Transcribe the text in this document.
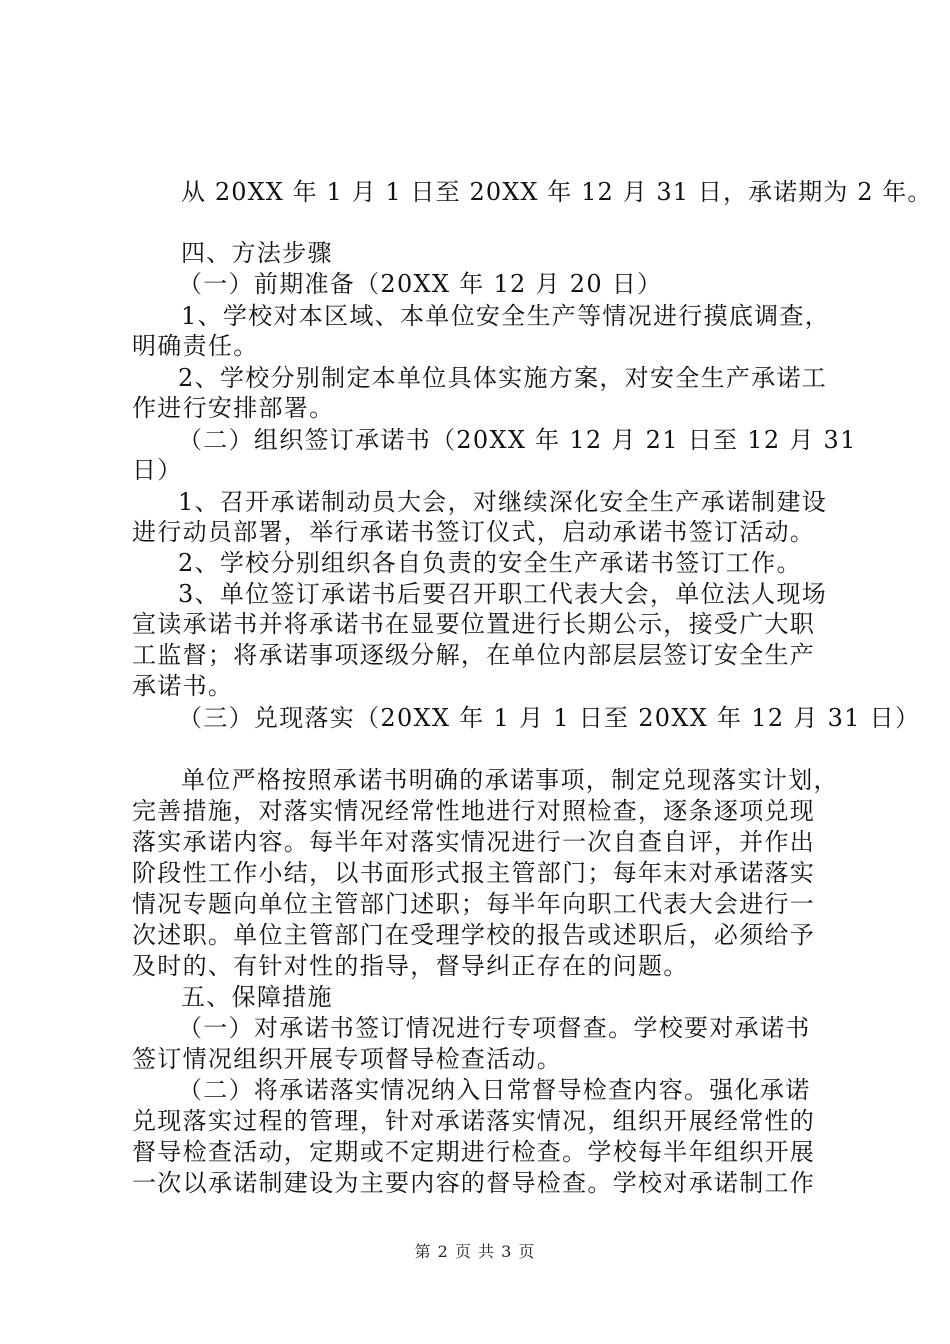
从 20XX 年 1 月 1 日至 20XX 年 12 月 31 日，承诺期为 2 年。
四、方法步骤
（一）前期准备（20XX 年 12 月 20 日）
1、学校对本区域、本单位安全生产等情况进行摸底调查，
明确责任。
2、学校分别制定本单位具体实施方案，对安全生产承诺工
作进行安排部署。
（二）组织签订承诺书（20XX 年 12 月 21 日至 12 月 31
日）
1、召开承诺制动员大会，对继续深化安全生产承诺制建设
进行动员部署，举行承诺书签订仪式，启动承诺书签订活动。
2、学校分别组织各自负责的安全生产承诺书签订工作。
3、单位签订承诺书后要召开职工代表大会，单位法人现场
宣读承诺书并将承诺书在显要位置进行长期公示，接受广大职
工监督；将承诺事项逐级分解，在单位内部层层签订安全生产
承诺书。
（三）兑现落实（20XX 年 1 月 1 日至 20XX 年 12 月 31 日）
单位严格按照承诺书明确的承诺事项，制定兑现落实计划，
完善措施，对落实情况经常性地进行对照检查，逐条逐项兑现
落实承诺内容。每半年对落实情况进行一次自查自评，并作出
阶段性工作小结，以书面形式报主管部门；每年末对承诺落实
情况专题向单位主管部门述职；每半年向职工代表大会进行一
次述职。单位主管部门在受理学校的报告或述职后，必须给予
及时的、有针对性的指导，督导纠正存在的问题。
五、保障措施
（一）对承诺书签订情况进行专项督查。学校要对承诺书
签订情况组织开展专项督导检查活动。
（二）将承诺落实情况纳入日常督导检查内容。强化承诺
兑现落实过程的管理，针对承诺落实情况，组织开展经常性的
督导检查活动，定期或不定期进行检查。学校每半年组织开展
一次以承诺制建设为主要内容的督导检查。学校对承诺制工作
第 2 页 共 3 页
